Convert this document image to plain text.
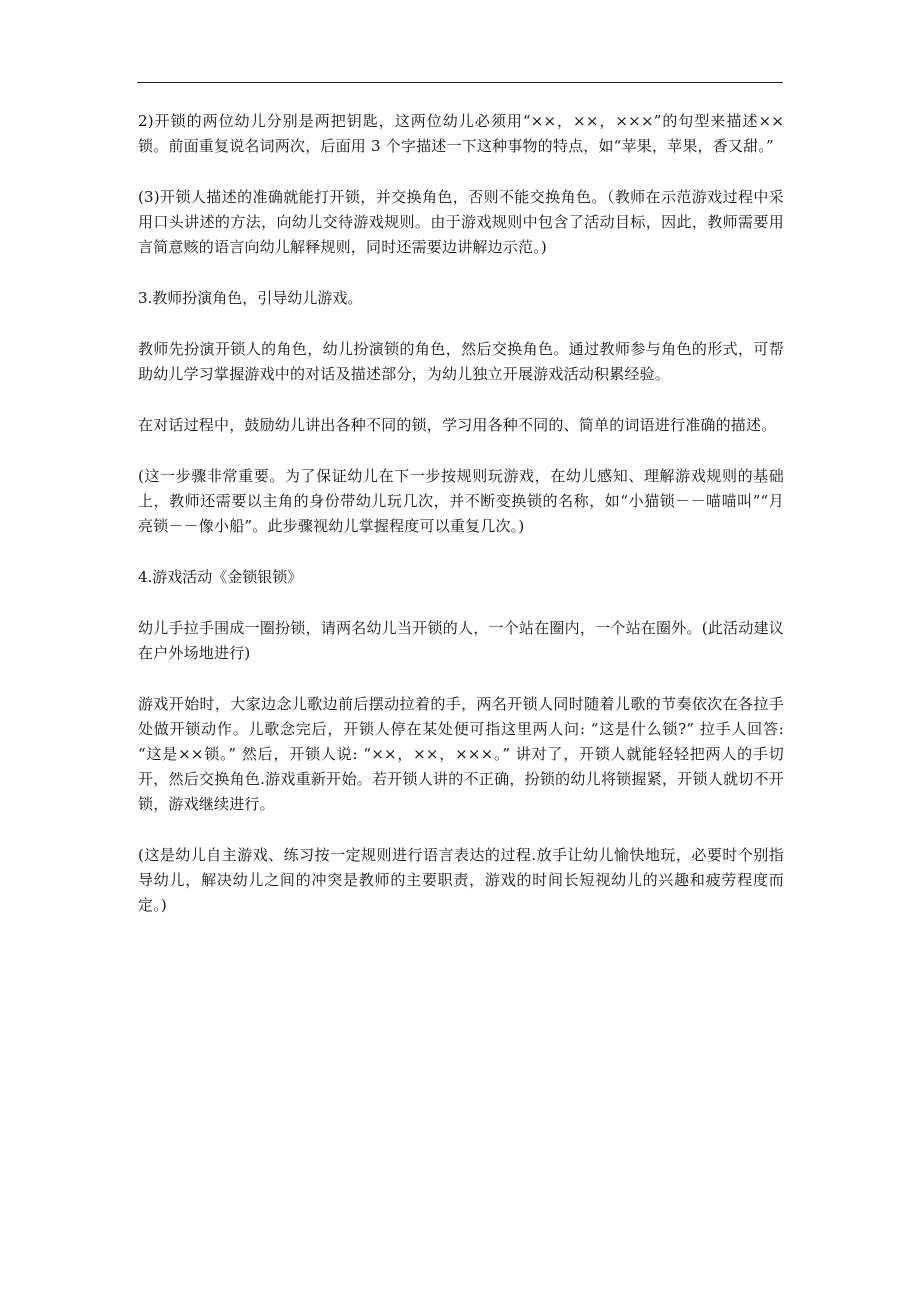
2)开锁的两位幼儿分别是两把钥匙，这两位幼儿必须用“××，××，×××”的句型来描述××锁。前面重复说名词两次，后面用 3 个字描述一下这种事物的特点，如“苹果，苹果，香又甜。”

(3)开锁人描述的准确就能打开锁，并交换角色，否则不能交换角色。（教师在示范游戏过程中采用口头讲述的方法，向幼儿交待游戏规则。由于游戏规则中包含了活动目标，因此，教师需要用言简意赅的语言向幼儿解释规则，同时还需要边讲解边示范。)

3.教师扮演角色，引导幼儿游戏。

教师先扮演开锁人的角色，幼儿扮演锁的角色，然后交换角色。通过教师参与角色的形式，可帮助幼儿学习掌握游戏中的对话及描述部分，为幼儿独立开展游戏活动积累经验。

在对话过程中，鼓励幼儿讲出各种不同的锁，学习用各种不同的、简单的词语进行准确的描述。

(这一步骤非常重要。为了保证幼儿在下一步按规则玩游戏，在幼儿感知、理解游戏规则的基础上，教师还需要以主角的身份带幼儿玩几次，并不断变换锁的名称，如“小猫锁－－喵喵叫”“月亮锁－－像小船”。此步骤视幼儿掌握程度可以重复几次。)

4.游戏活动《金锁银锁》

幼儿手拉手围成一圈扮锁，请两名幼儿当开锁的人，一个站在圈内，一个站在圈外。(此活动建议在户外场地进行)

游戏开始时，大家边念儿歌边前后摆动拉着的手，两名开锁人同时随着儿歌的节奏依次在各拉手处做开锁动作。儿歌念完后，开锁人停在某处便可指这里两人问: “这是什么锁?” 拉手人回答: “这是××锁。” 然后，开锁人说: “××，××，×××。” 讲对了，开锁人就能轻轻把两人的手切开，然后交换角色.游戏重新开始。若开锁人讲的不正确，扮锁的幼儿将锁握紧，开锁人就切不开锁，游戏继续进行。

(这是幼儿自主游戏、练习按一定规则进行语言表达的过程.放手让幼儿愉快地玩，必要时个别指导幼儿，解决幼儿之间的冲突是教师的主要职责，游戏的时间长短视幼儿的兴趣和疲劳程度而定。)
